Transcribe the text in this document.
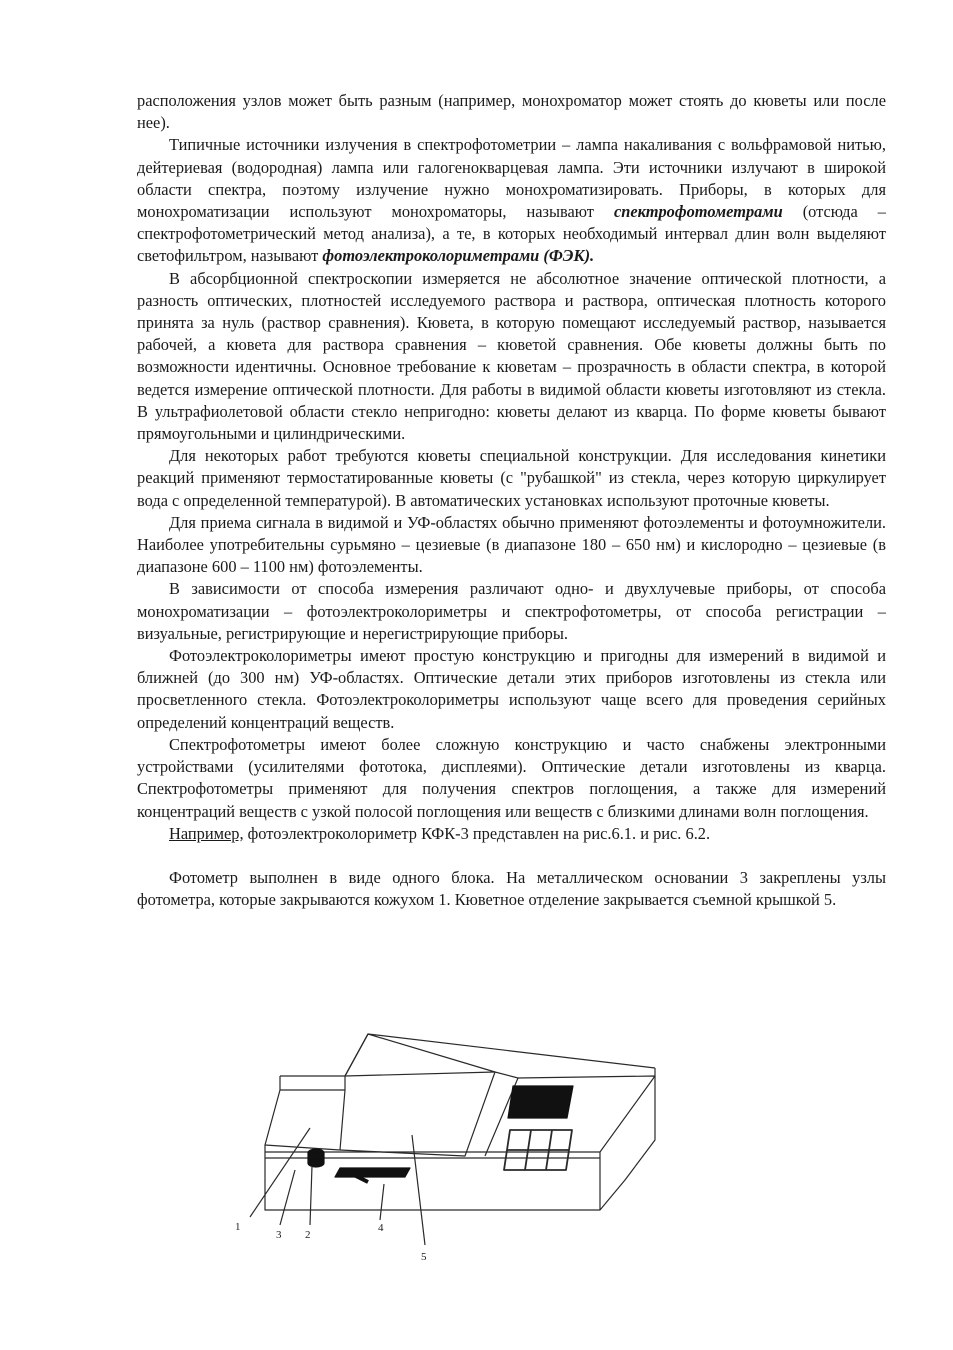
расположения узлов может быть разным (например, монохроматор может стоять до кюветы или после нее).

Типичные источники излучения в спектрофотометрии – лампа накаливания с вольфрамовой нитью, дейтериевая (водородная) лампа или галогенокварцевая лампа. Эти источники излучают в широкой области спектра, поэтому излучение нужно монохроматизировать. Приборы, в которых для монохроматизации используют монохроматоры, называют спектрофотометрами (отсюда – спектрофотометрический метод анализа), а те, в которых необходимый интервал длин волн выделяют светофильтром, называют фотоэлектроколориметрами (ФЭК).

В абсорбционной спектроскопии измеряется не абсолютное значение оптической плотности, а разность оптических, плотностей исследуемого раствора и раствора, оптическая плотность которого принята за нуль (раствор сравнения). Кювета, в которую помещают исследуемый раствор, называется рабочей, а кювета для раствора сравнения – кюветой сравнения. Обе кюветы должны быть по возможности идентичны. Основное требование к кюветам – прозрачность в области спектра, в которой ведется измерение оптической плотности. Для работы в видимой области кюветы изготовляют из стекла. В ультрафиолетовой области стекло непригодно: кюветы делают из кварца. По форме кюветы бывают прямоугольными и цилиндрическими.

Для некоторых работ требуются кюветы специальной конструкции. Для исследования кинетики реакций применяют термостатированные кюветы (с "рубашкой" из стекла, через которую циркулирует вода с определенной температурой). В автоматических установках используют проточные кюветы.

Для приема сигнала в видимой и УФ-областях обычно применяют фотоэлементы и фотоумножители. Наиболее употребительны сурьмяно – цезиевые (в диапазоне 180 – 650 нм) и кислородно – цезиевые (в диапазоне 600 – 1100 нм) фотоэлементы.

В зависимости от способа измерения различают одно- и двухлучевые приборы, от способа монохроматизации – фотоэлектроколориметры и спектрофотометры, от способа регистрации – визуальные, регистрирующие и нерегистрирующие приборы.

Фотоэлектроколориметры имеют простую конструкцию и пригодны для измерений в видимой и ближней (до 300 нм) УФ-областях. Оптические детали этих приборов изготовлены из стекла или просветленного стекла. Фотоэлектроколориметры используют чаще всего для проведения серийных определений концентраций веществ.

Спектрофотометры имеют более сложную конструкцию и часто снабжены электронными устройствами (усилителями фототока, дисплеями). Оптические детали изготовлены из кварца. Спектрофотометры применяют для получения спектров поглощения, а также для измерений концентраций веществ с узкой полосой поглощения или веществ с близкими длинами волн поглощения.

Например, фотоэлектроколориметр КФК-3 представлен на рис.6.1. и рис. 6.2.

Фотометр выполнен в виде одного блока. На металлическом основании 3 закреплены узлы фотометра, которые закрываются кожухом 1. Кюветное отделение закрывается съемной крышкой 5.

1
3 2
4
5
